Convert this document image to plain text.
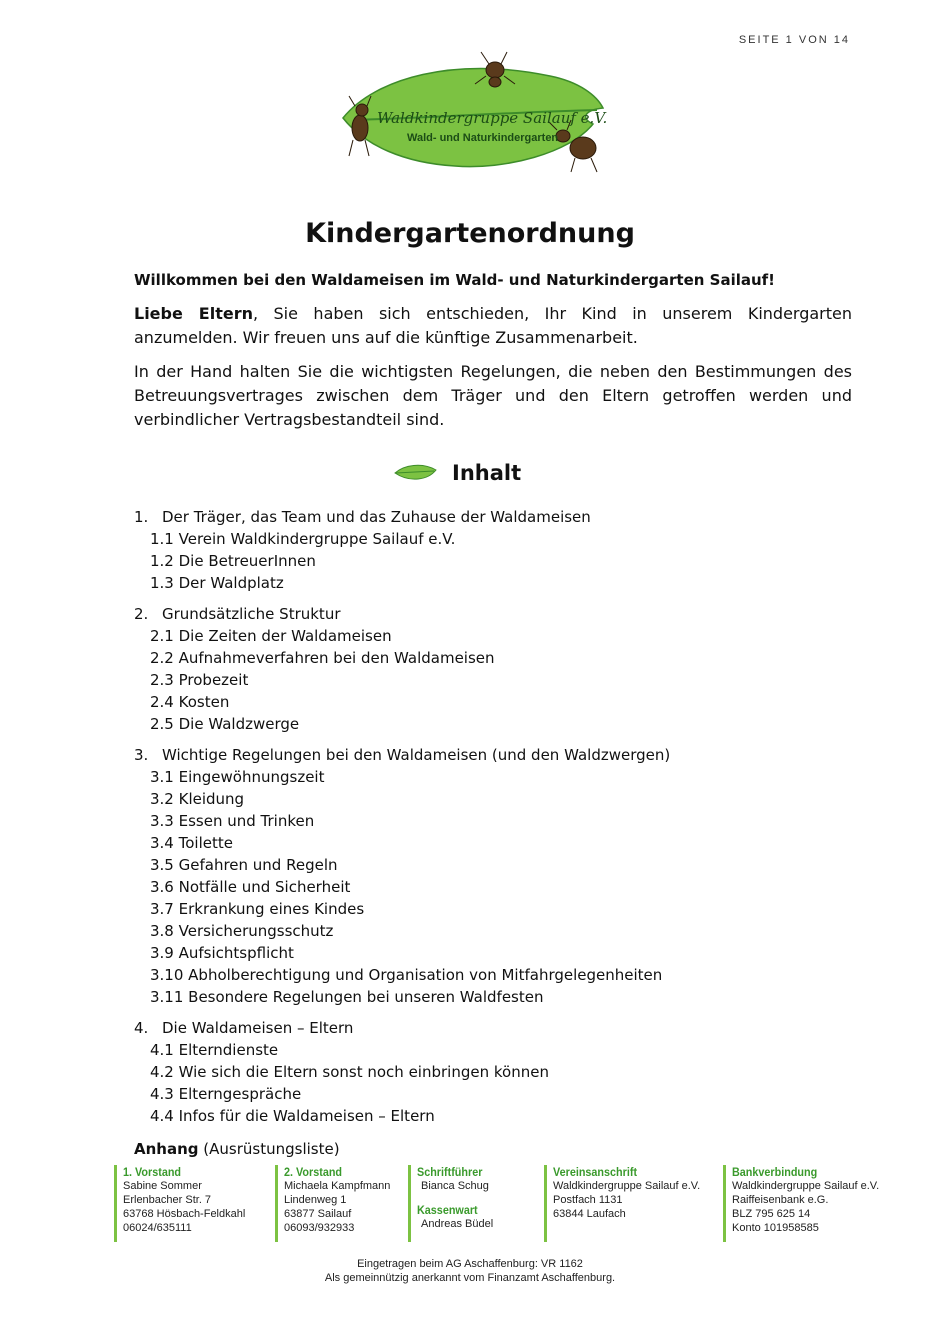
SEITE 1 VON 14
Waldkindergruppe Sailauf e.V.
Wald- und Naturkindergarten
Kindergartenordnung

Willkommen bei den Waldameisen im Wald- und Naturkindergarten Sailauf!

Liebe Eltern, Sie haben sich entschieden, Ihr Kind in unserem Kindergarten anzumelden. Wir freuen uns auf die künftige Zusammenarbeit.

In der Hand halten Sie die wichtigsten Regelungen, die neben den Bestimmungen des Betreuungsvertrages zwischen dem Träger und den Eltern getroffen werden und verbindlicher Vertragsbestandteil sind.

Inhalt
1. Der Träger, das Team und das Zuhause der Waldameisen
1.1 Verein Waldkindergruppe Sailauf e.V.
1.2 Die BetreuerInnen
1.3 Der Waldplatz
2. Grundsätzliche Struktur
2.1 Die Zeiten der Waldameisen
2.2 Aufnahmeverfahren bei den Waldameisen
2.3 Probezeit
2.4 Kosten
2.5 Die Waldzwerge
3. Wichtige Regelungen bei den Waldameisen (und den Waldzwergen)
3.1 Eingewöhnungszeit
3.2 Kleidung
3.3 Essen und Trinken
3.4 Toilette
3.5 Gefahren und Regeln
3.6 Notfälle und Sicherheit
3.7 Erkrankung eines Kindes
3.8 Versicherungsschutz
3.9 Aufsichtspflicht
3.10 Abholberechtigung und Organisation von Mitfahrgelegenheiten
3.11 Besondere Regelungen bei unseren Waldfesten
4. Die Waldameisen – Eltern
4.1 Elterndienste
4.2 Wie sich die Eltern sonst noch einbringen können
4.3 Elterngespräche
4.4 Infos für die Waldameisen – Eltern
Anhang (Ausrüstungsliste)
1. Vorstand
Sabine Sommer
Erlenbacher Str. 7
63768 Hösbach-Feldkahl
06024/635111
2. Vorstand
Michaela Kampfmann
Lindenweg 1
63877 Sailauf
06093/932933
Schriftführer
Bianca Schug
Kassenwart
Andreas Büdel
Vereinsanschrift
Waldkindergruppe Sailauf e.V.
Postfach 1131
63844 Laufach
Bankverbindung
Waldkindergruppe Sailauf e.V.
Raiffeisenbank e.G.
BLZ 795 625 14
Konto 101958585
Eingetragen beim AG Aschaffenburg: VR 1162
Als gemeinnützig anerkannt vom Finanzamt Aschaffenburg.
